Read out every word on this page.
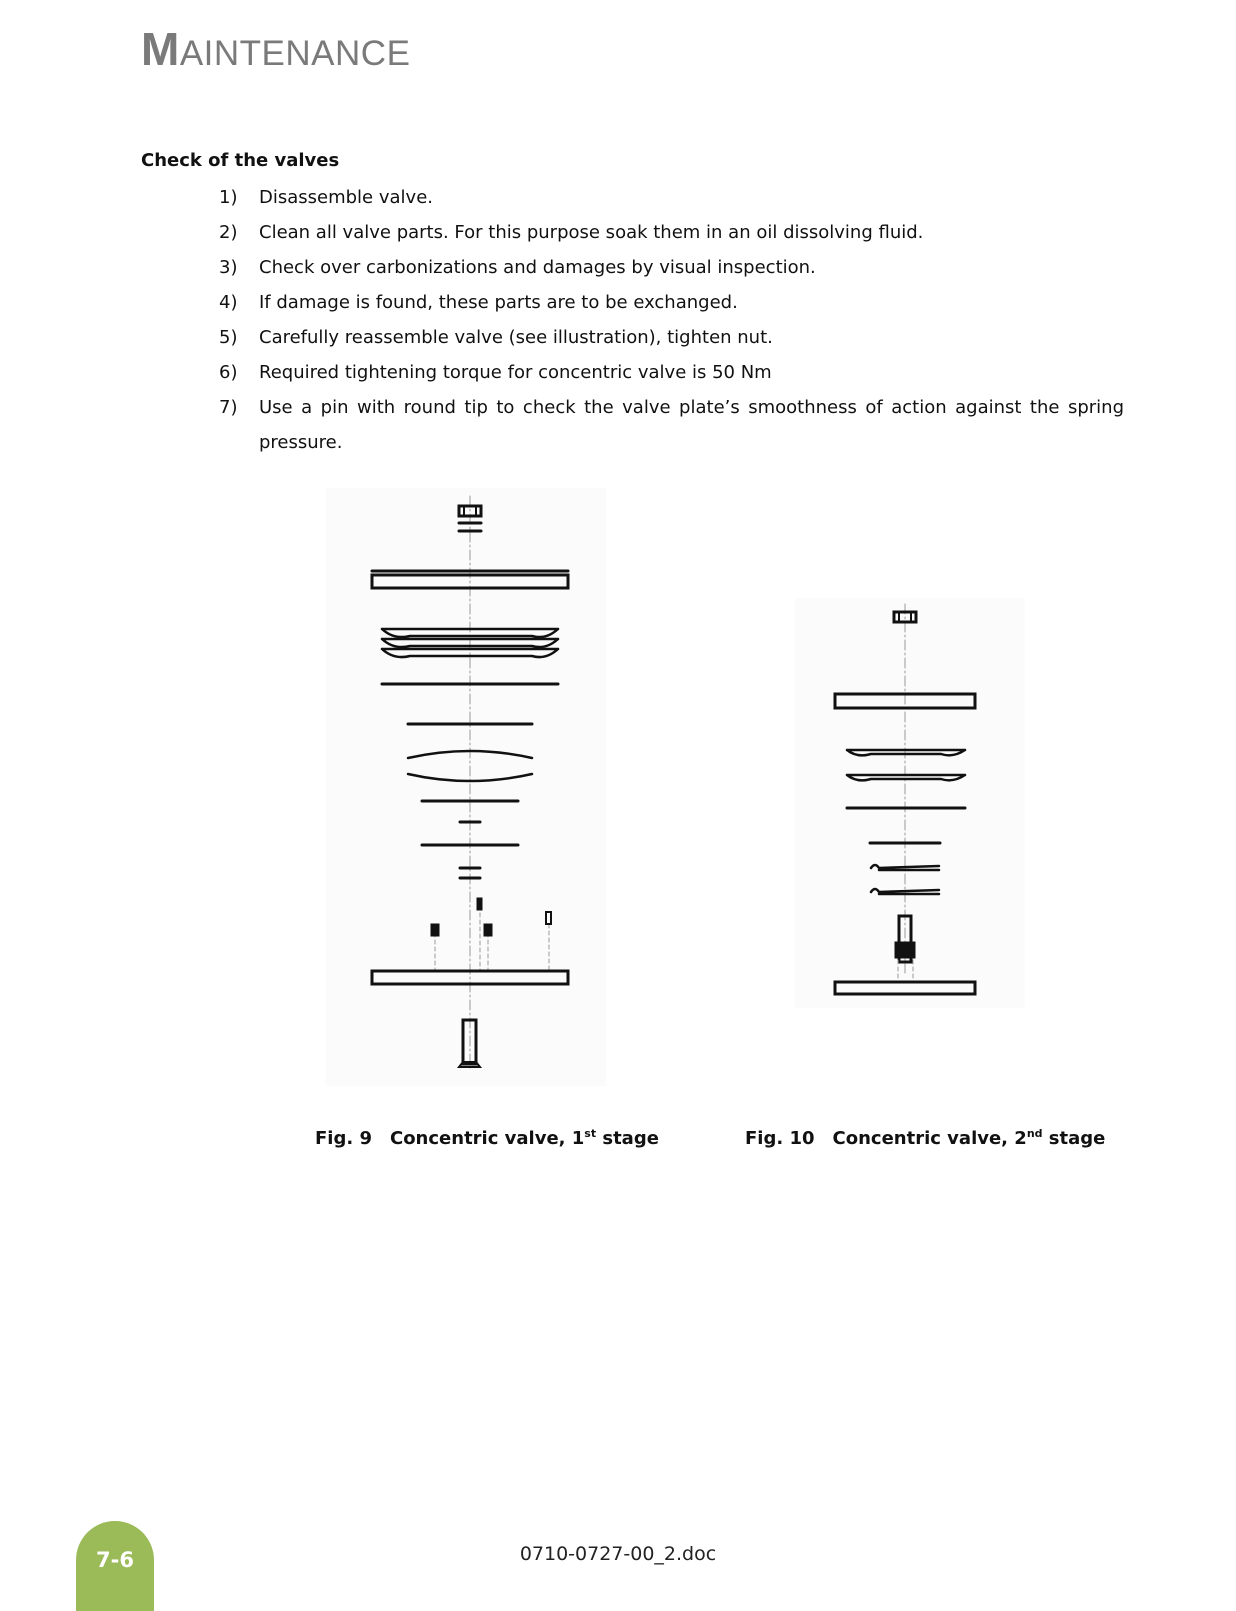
MAINTENANCE
Check of the valves
1)	Disassemble valve.
2)	Clean all valve parts. For this purpose soak them in an oil dissolving fluid.
3)	Check over carbonizations and damages by visual inspection.
4)	If damage is found, these parts are to be exchanged.
5)	Carefully reassemble valve (see illustration), tighten nut.
6)	Required tightening torque for concentric valve is 50 Nm
7)	Use a pin with round tip to check the valve plate’s smoothness of action against the spring pressure.
Fig. 9 Concentric valve, 1st stage	Fig. 10 Concentric valve, 2nd stage
7-6	0710-0727-00_2.doc
